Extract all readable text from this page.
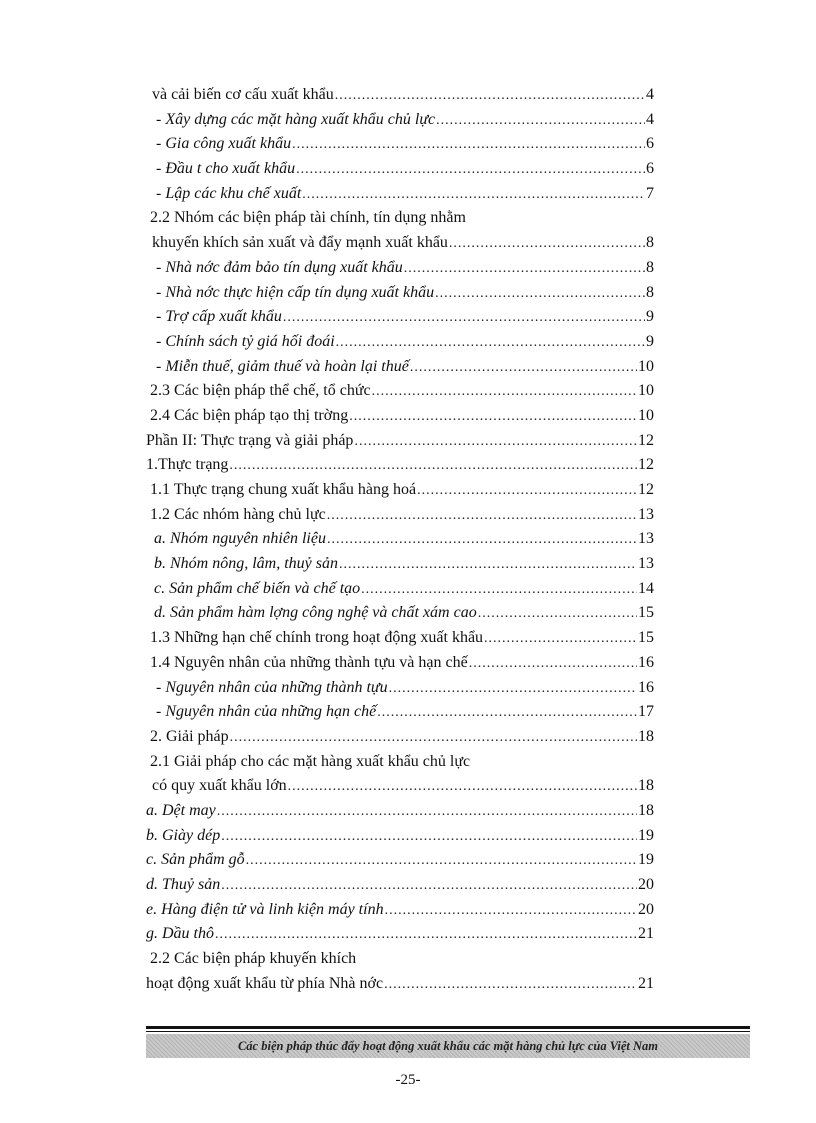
và cải biến cơ cấu xuất khẩu .....	4
- Xây dựng các mặt hàng xuất khẩu chủ lực .....	4
- Gia công xuất khẩu .....	6
- Đầu t cho xuất khẩu .....	6
- Lập các khu chế xuất .....	7
2.2 Nhóm các biện pháp tài chính, tín dụng nhằm
khuyến khích sản xuất và đẩy mạnh xuất khẩu .....	8
- Nhà nớc đảm bảo tín dụng xuất khẩu .....	8
- Nhà nớc thực hiện cấp tín dụng xuất khẩu .....	8
- Trợ cấp xuất khẩu .....	9
- Chính sách tỷ giá hối đoái .....	9
- Miễn thuế, giảm thuế và hoàn lại thuế .....	10
2.3 Các biện pháp thể chế, tổ chức .....	10
2.4 Các biện pháp tạo thị trờng .....	10
Phần II: Thực trạng và giải pháp .....	12
1.Thực trạng .....	12
1.1 Thực trạng chung xuất khẩu hàng hoá .....	12
1.2 Các nhóm hàng chủ lực .....	13
a. Nhóm nguyên nhiên liệu .....	13
b. Nhóm nông, lâm, thuỷ sản .....	13
c. Sản phẩm chế biến và chế tạo .....	14
d. Sản phẩm hàm lợng công nghệ và chất xám cao .....	15
1.3 Những hạn chế chính trong hoạt động xuất khẩu .....	15
1.4 Nguyên nhân của những thành tựu và hạn chế .....	16
- Nguyên nhân của những thành tựu .....	16
- Nguyên nhân của những hạn chế .....	17
2. Giải pháp .....	18
2.1 Giải pháp cho các mặt hàng xuất khẩu chủ lực
có quy xuất khẩu lớn .....	18
a. Dệt may .....	18
b. Giày dép .....	19
c. Sản phẩm gỗ .....	19
d. Thuỷ sản .....	20
e. Hàng điện tử và linh kiện máy tính .....	20
g. Dầu thô .....	21
2.2 Các biện pháp khuyến khích
hoạt động xuất khẩu từ phía Nhà nớc .....	21
Các biện pháp thúc đẩy hoạt động xuất khẩu các mặt hàng chủ lực của Việt Nam
-25-
